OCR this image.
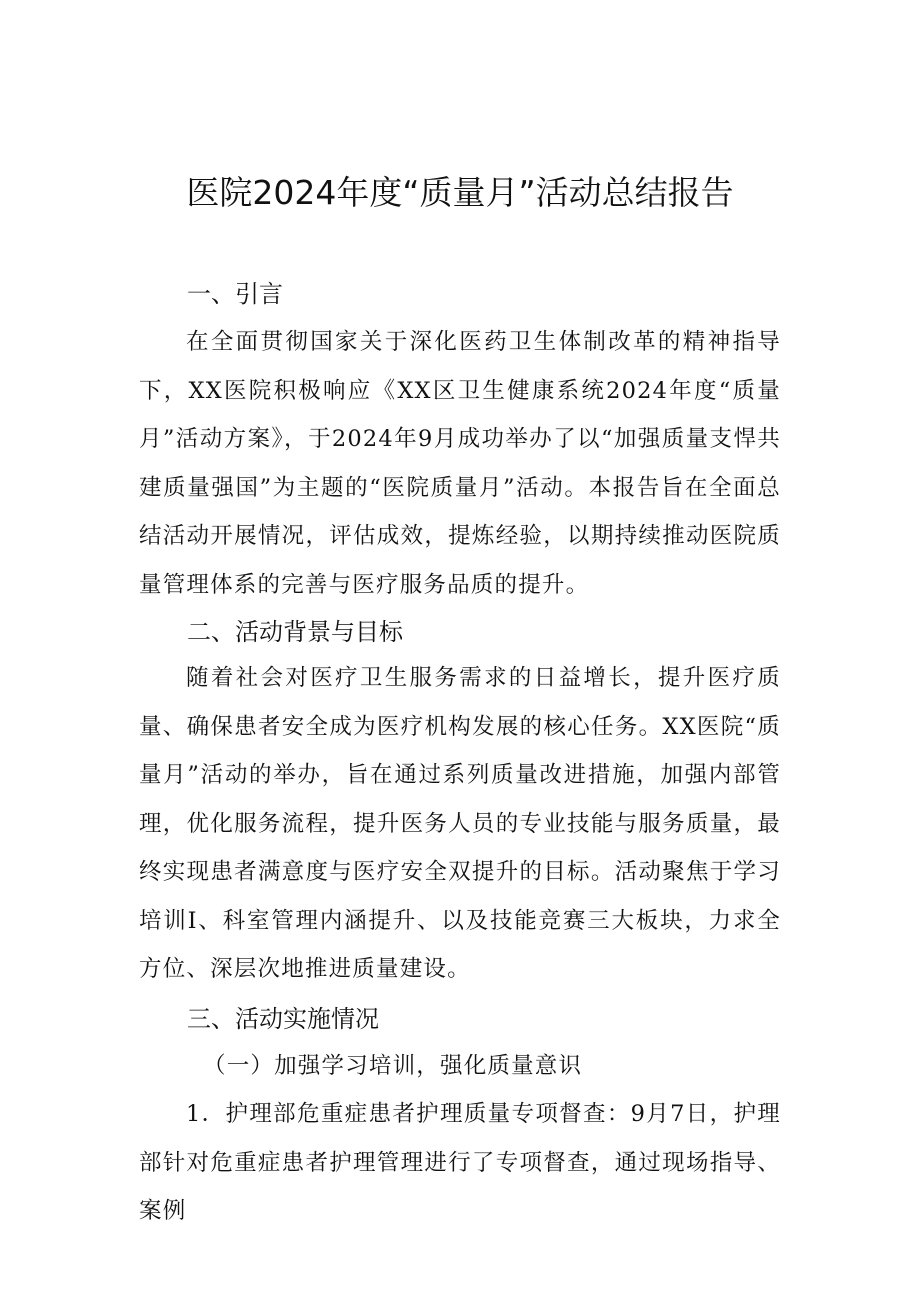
医院2024年度“质量月”活动总结报告
一、引言

在全面贯彻国家关于深化医药卫生体制改革的精神指导下，XX医院积极响应《XX区卫生健康系统2024年度“质量月”活动方案》，于2024年9月成功举办了以“加强质量支悍共建质量强国”为主题的“医院质量月”活动。本报告旨在全面总结活动开展情况，评估成效，提炼经验，以期持续推动医院质量管理体系的完善与医疗服务品质的提升。

二、活动背景与目标

随着社会对医疗卫生服务需求的日益增长，提升医疗质量、确保患者安全成为医疗机构发展的核心任务。XX医院“质量月”活动的举办，旨在通过系列质量改进措施，加强内部管理，优化服务流程，提升医务人员的专业技能与服务质量，最终实现患者满意度与医疗安全双提升的目标。活动聚焦于学习培训I、科室管理内涵提升、以及技能竞赛三大板块，力求全方位、深层次地推进质量建设。

三、活动实施情况
（一）加强学习培训，强化质量意识

1．护理部危重症患者护理质量专项督查：9月7日，护理部针对危重症患者护理管理进行了专项督查，通过现场指导、案例
